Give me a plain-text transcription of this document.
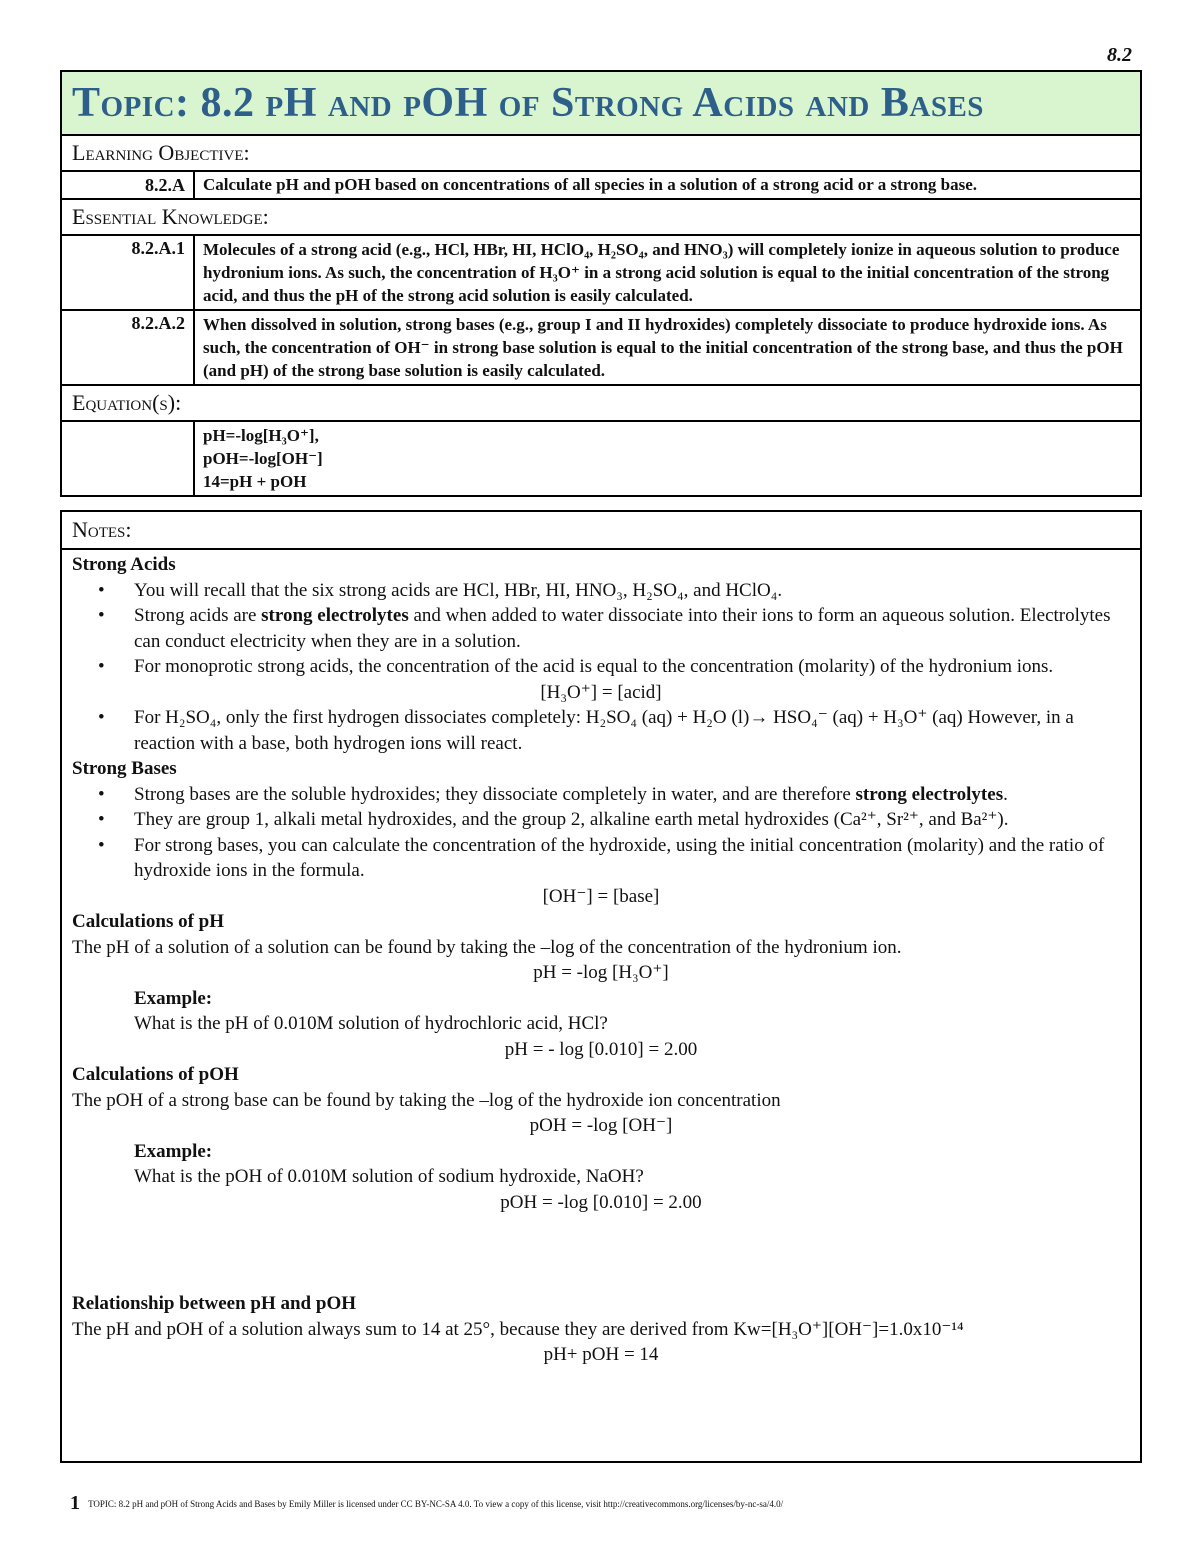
8.2
Topic: 8.2 pH and pOH of Strong Acids and Bases
Learning Objective:
8.2.A	Calculate pH and pOH based on concentrations of all species in a solution of a strong acid or a strong base.
Essential Knowledge:
8.2.A.1	Molecules of a strong acid (e.g., HCl, HBr, HI, HClO₄, H₂SO₄, and HNO₃) will completely ionize in aqueous solution to produce hydronium ions. As such, the concentration of H₃O⁺ in a strong acid solution is equal to the initial concentration of the strong acid, and thus the pH of the strong acid solution is easily calculated.
8.2.A.2	When dissolved in solution, strong bases (e.g., group I and II hydroxides) completely dissociate to produce hydroxide ions. As such, the concentration of OH⁻ in strong base solution is equal to the initial concentration of the strong base, and thus the pOH (and pH) of the strong base solution is easily calculated.
Equation(s):
pH=-log[H₃O⁺],
pOH=-log[OH⁻]
14=pH + pOH
Notes:
Strong Acids
• You will recall that the six strong acids are HCl, HBr, HI, HNO₃, H₂SO₄, and HClO₄.
• Strong acids are strong electrolytes and when added to water dissociate into their ions to form an aqueous solution. Electrolytes can conduct electricity when they are in a solution.
• For monoprotic strong acids, the concentration of the acid is equal to the concentration (molarity) of the hydronium ions.
[H₃O⁺] = [acid]
• For H₂SO₄, only the first hydrogen dissociates completely: H₂SO₄ (aq) + H₂O (l)→ HSO₄⁻ (aq) + H₃O⁺ (aq) However, in a reaction with a base, both hydrogen ions will react.
Strong Bases
• Strong bases are the soluble hydroxides; they dissociate completely in water, and are therefore strong electrolytes.
• They are group 1, alkali metal hydroxides, and the group 2, alkaline earth metal hydroxides (Ca²⁺, Sr²⁺, and Ba²⁺).
• For strong bases, you can calculate the concentration of the hydroxide, using the initial concentration (molarity) and the ratio of hydroxide ions in the formula.
[OH⁻] = [base]
Calculations of pH
The pH of a solution of a solution can be found by taking the –log of the concentration of the hydronium ion.
pH = -log [H₃O⁺]
Example:
What is the pH of 0.010M solution of hydrochloric acid, HCl?
pH = - log [0.010] = 2.00
Calculations of pOH
The pOH of a strong base can be found by taking the –log of the hydroxide ion concentration
pOH = -log [OH⁻]
Example:
What is the pOH of 0.010M solution of sodium hydroxide, NaOH?
pOH = -log [0.010] = 2.00
Relationship between pH and pOH
The pH and pOH of a solution always sum to 14 at 25°, because they are derived from Kw=[H₃O⁺][OH⁻]=1.0x10⁻¹⁴
pH+ pOH = 14
1 TOPIC: 8.2 pH and pOH of Strong Acids and Bases by Emily Miller is licensed under CC BY-NC-SA 4.0. To view a copy of this license, visit http://creativecommons.org/licenses/by-nc-sa/4.0/
